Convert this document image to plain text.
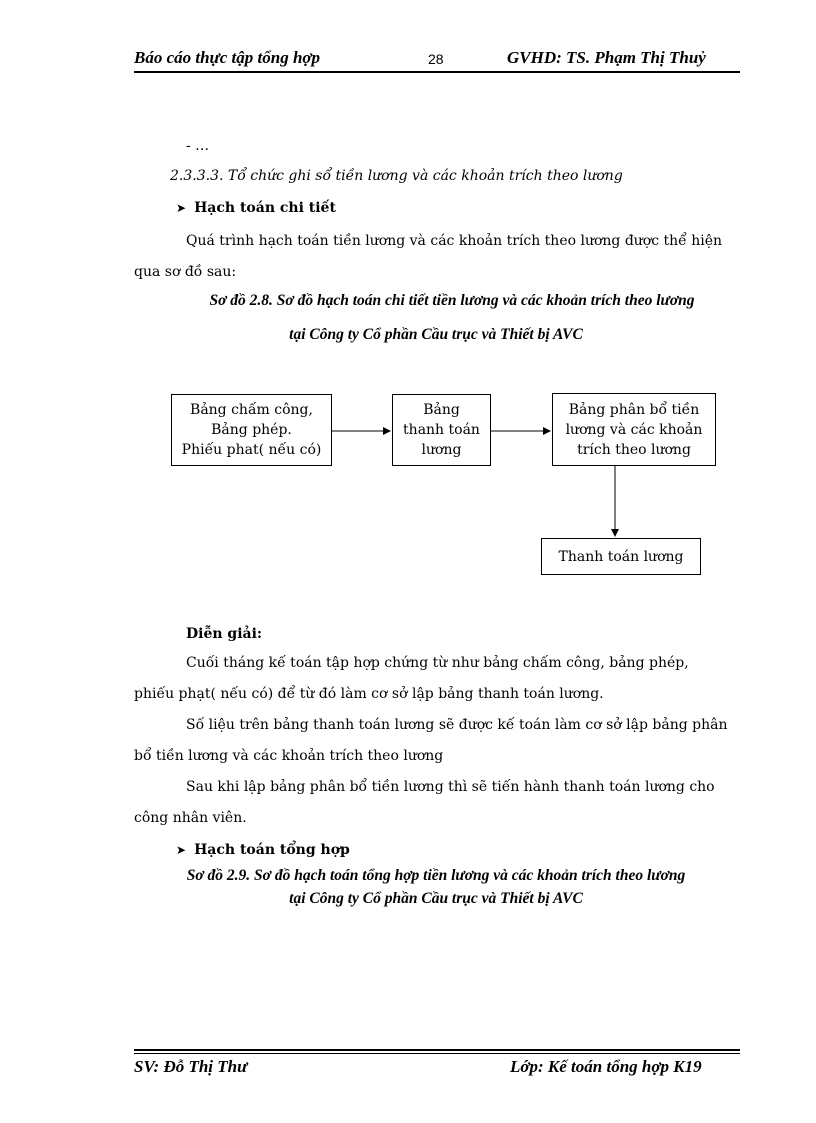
Báo cáo thực tập tổng hợp	28	GVHD: TS. Phạm Thị Thuỷ
- …
2.3.3.3. Tổ chức ghi sổ tiền lương và các khoản trích theo lương
➤ Hạch toán chi tiết
Quá trình hạch toán tiền lương và các khoản trích theo lương được thể hiện qua sơ đồ sau:
Sơ đồ 2.8. Sơ đồ hạch toán chi tiết tiền lương và các khoản trích theo lương
tại Công ty Cổ phần Cầu trục và Thiết bị AVC
Bảng chấm công,
Bảng phép.
Phiếu phat( nếu có)
Bảng
thanh toán
lương
Bảng phân bổ tiền
lương và các khoản
trích theo lương
Thanh toán lương
Diễn giải:
Cuối tháng kế toán tập hợp chứng từ như bảng chấm công, bảng phép, phiếu phạt( nếu có) để từ đó làm cơ sở lập bảng thanh toán lương.
Số liệu trên bảng thanh toán lương sẽ được kế toán làm cơ sở lập bảng phân bổ tiền lương và các khoản trích theo lương
Sau khi lập bảng phân bổ tiền lương thì sẽ tiến hành thanh toán lương cho công nhân viên.
➤ Hạch toán tổng hợp
Sơ đồ 2.9. Sơ đồ hạch toán tổng hợp tiền lương và các khoản trích theo lương
tại Công ty Cổ phần Cầu trục và Thiết bị AVC
SV: Đỗ Thị Thư	Lớp: Kế toán tổng hợp K19
